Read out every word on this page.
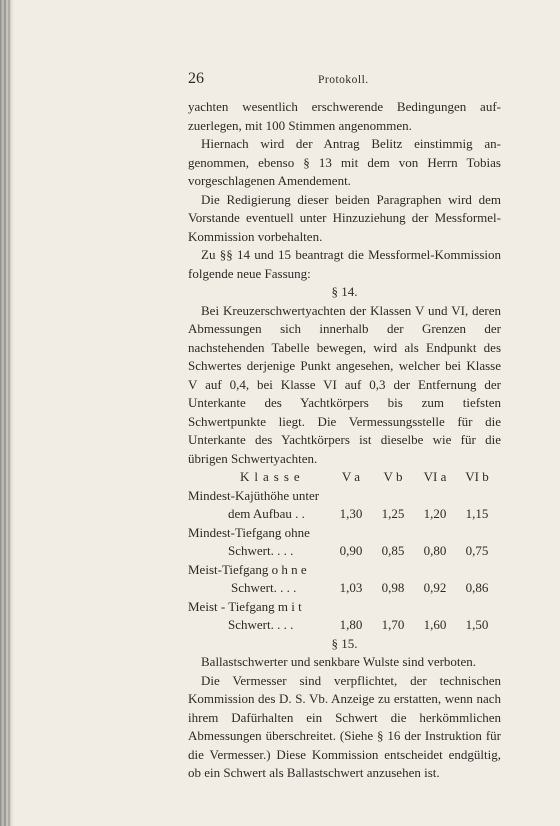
26	Protokoll.

yachten wesentlich erschwerende Bedingungen aufzuerlegen, mit 100 Stimmen angenommen.

Hiernach wird der Antrag Belitz einstimmig angenommen, ebenso § 13 mit dem von Herrn Tobias vorgeschlagenen Amendement.

Die Redigierung dieser beiden Paragraphen wird dem Vorstande eventuell unter Hinzuziehung der Messformel-Kommission vorbehalten.

Zu §§ 14 und 15 beantragt die Messformel-Kommission folgende neue Fassung:

§ 14.

Bei Kreuzerschwertyachten der Klassen V und VI, deren Abmessungen sich innerhalb der Grenzen der nachstehenden Tabelle bewegen, wird als Endpunkt des Schwertes derjenige Punkt angesehen, welcher bei Klasse V auf 0,4, bei Klasse VI auf 0,3 der Entfernung der Unterkante des Yachtkörpers bis zum tiefsten Schwertpunkte liegt. Die Vermessungsstelle für die Unterkante des Yachtkörpers ist dieselbe wie für die übrigen Schwertyachten.

Klasse	V a	V b	VI a	VI b
Mindest-Kajüthöhe unter
dem Aufbau . .	1,30	1,25	1,20	1,15
Mindest-Tiefgang ohne
Schwert. . . .	0,90	0,85	0,80	0,75
Meist-Tiefgang o h n e
Schwert. . . .	1,03	0,98	0,92	0,86
Meist - Tiefgang m i t
Schwert. . . .	1,80	1,70	1,60	1,50
§ 15.

Ballastschwerter und senkbare Wulste sind verboten.

Die Vermesser sind verpflichtet, der technischen Kommission des D. S. Vb. Anzeige zu erstatten, wenn nach ihrem Dafürhalten ein Schwert die herkömmlichen Abmessungen überschreitet. (Siehe § 16 der Instruktion für die Vermesser.) Diese Kommission entscheidet endgültig, ob ein Schwert als Ballastschwert anzusehen ist.
